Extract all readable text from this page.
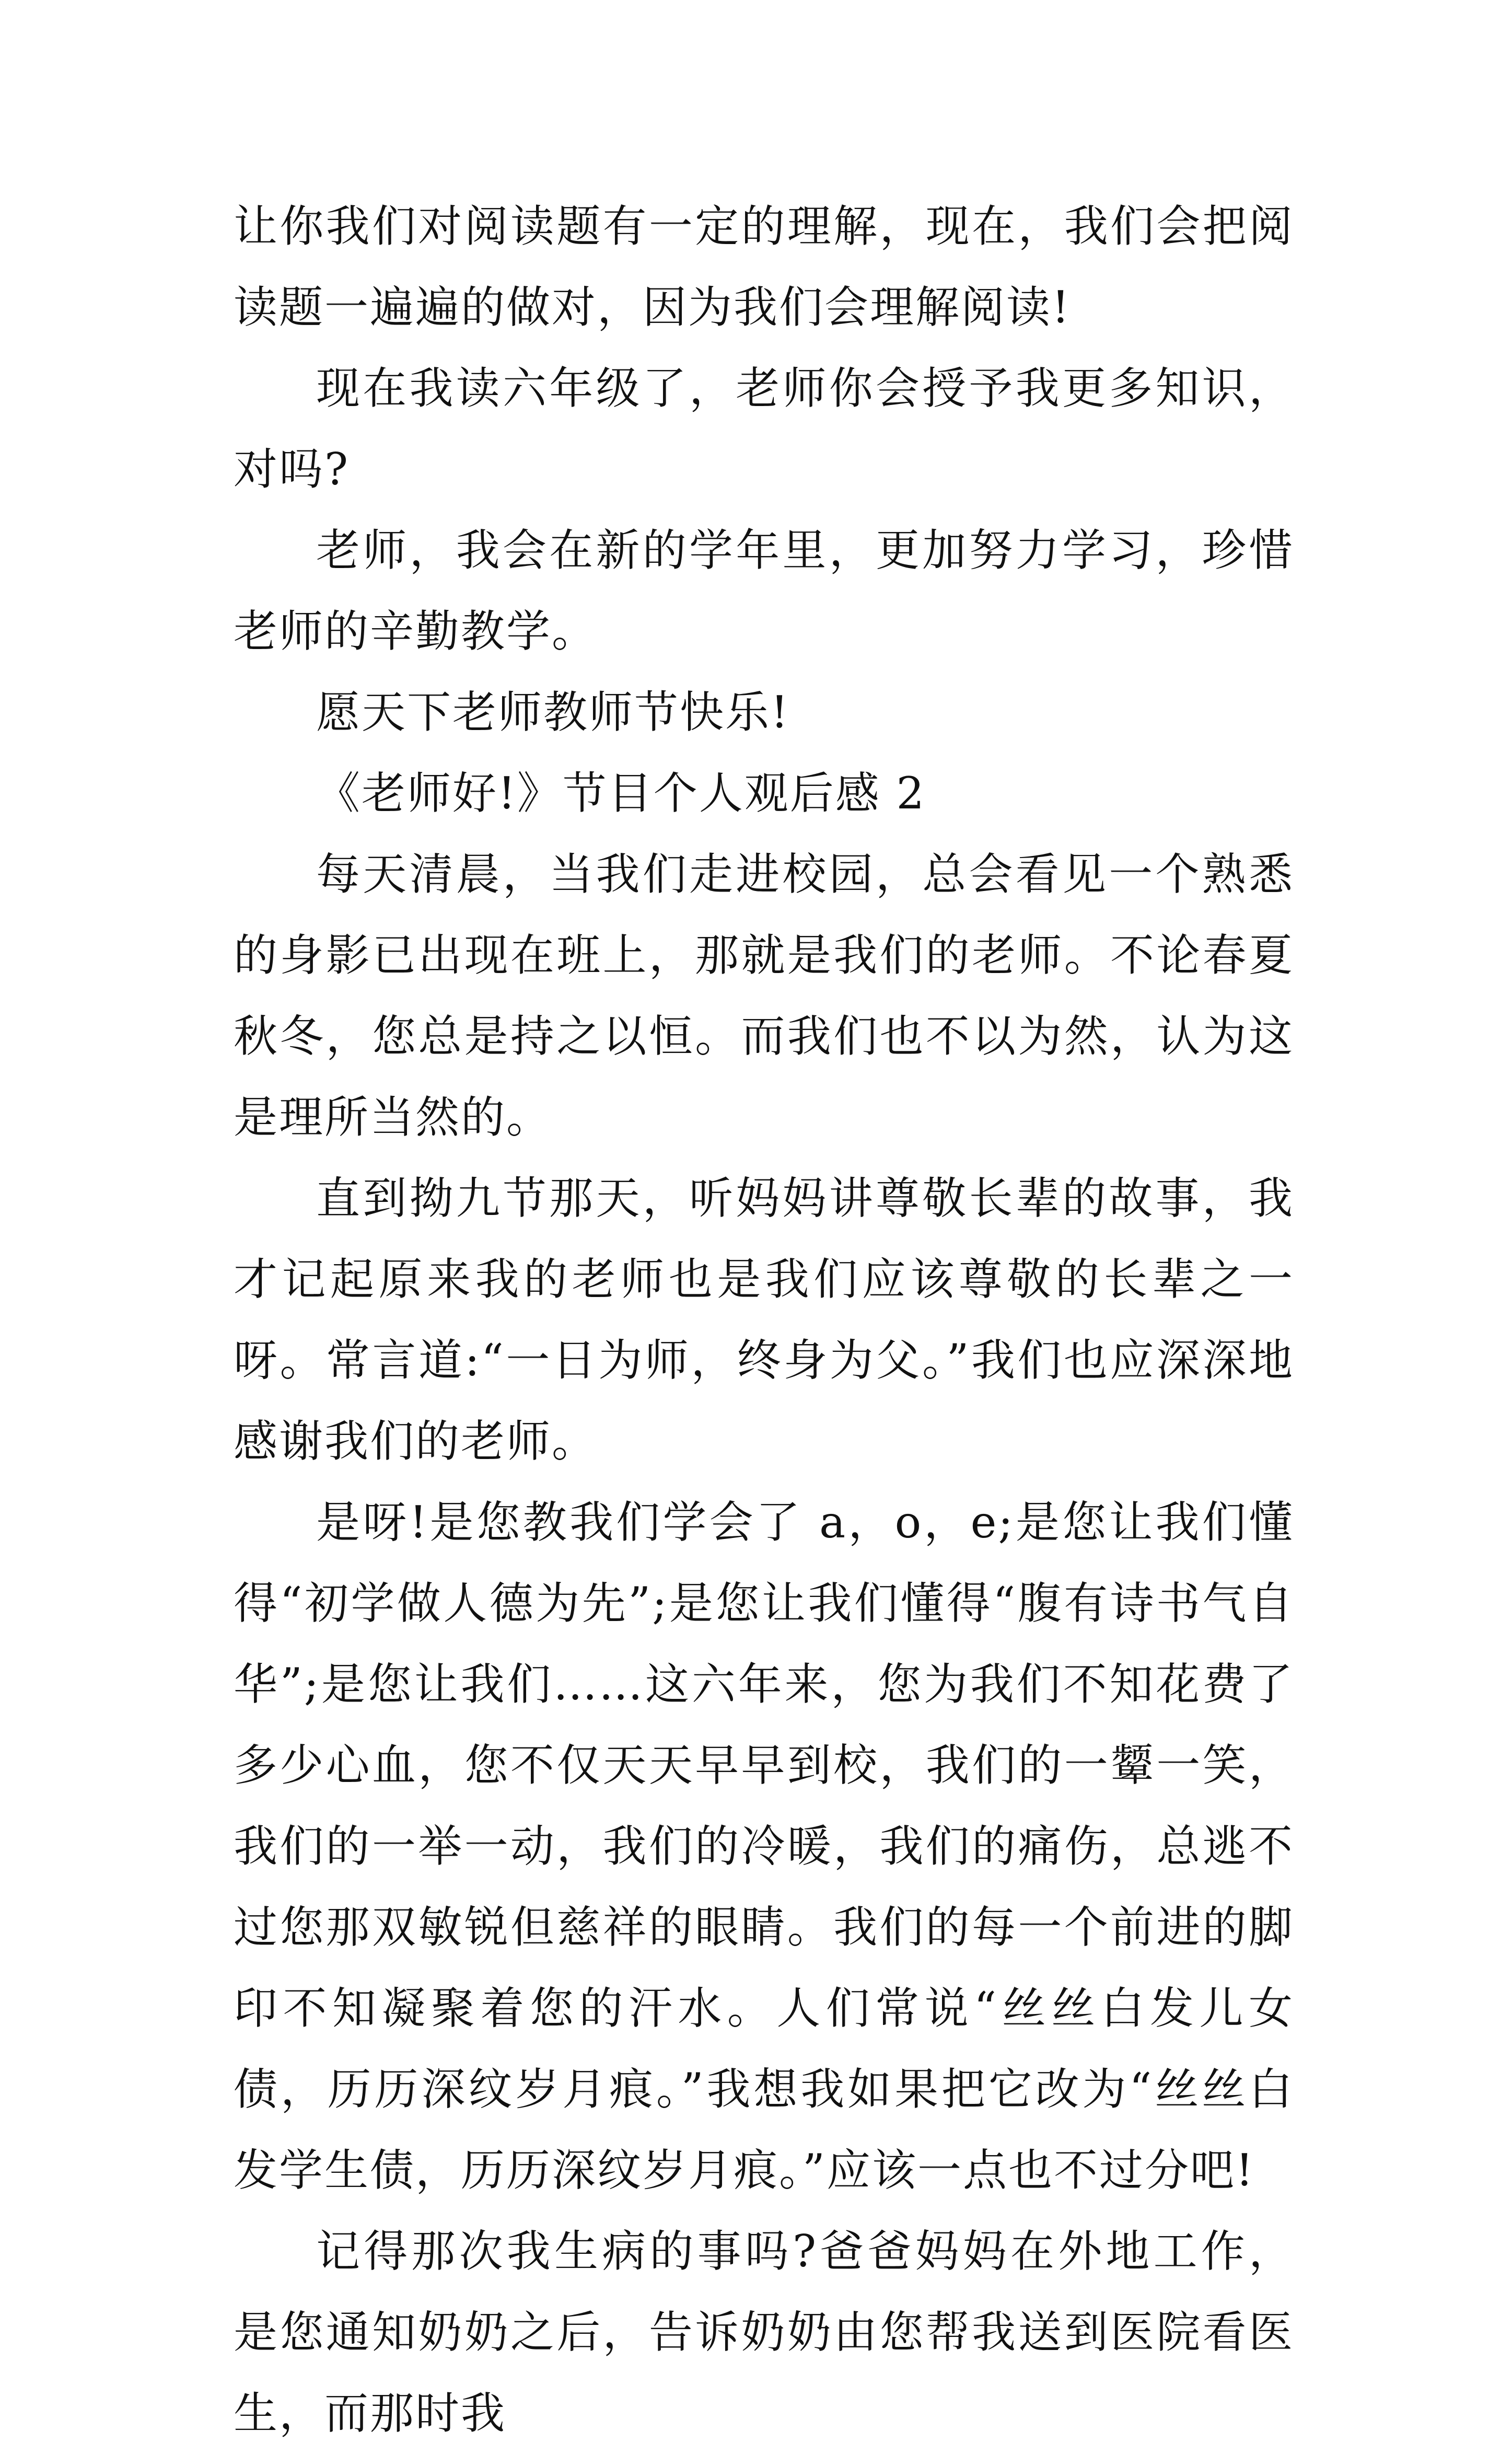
让你我们对阅读题有一定的理解，现在，我们会把阅读题一遍遍的做对，因为我们会理解阅读!

现在我读六年级了，老师你会授予我更多知识，对吗?

老师，我会在新的学年里，更加努力学习，珍惜老师的辛勤教学。

愿天下老师教师节快乐!

《老师好!》节目个人观后感 2

每天清晨，当我们走进校园，总会看见一个熟悉的身影已出现在班上，那就是我们的老师。不论春夏秋冬，您总是持之以恒。而我们也不以为然，认为这是理所当然的。

直到拗九节那天，听妈妈讲尊敬长辈的故事，我才记起原来我的老师也是我们应该尊敬的长辈之一呀。常言道:“一日为师，终身为父。”我们也应深深地感谢我们的老师。

是呀!是您教我们学会了 a，o，e;是您让我们懂得“初学做人德为先”;是您让我们懂得“腹有诗书气自华”;是您让我们……这六年来，您为我们不知花费了多少心血，您不仅天天早早到校，我们的一颦一笑，我们的一举一动，我们的冷暖，我们的痛伤，总逃不过您那双敏锐但慈祥的眼睛。我们的每一个前进的脚印不知凝聚着您的汗水。人们常说“丝丝白发儿女债，历历深纹岁月痕。”我想我如果把它改为“丝丝白发学生债，历历深纹岁月痕。”应该一点也不过分吧!

记得那次我生病的事吗?爸爸妈妈在外地工作，是您通知奶奶之后，告诉奶奶由您帮我送到医院看医生，而那时我
